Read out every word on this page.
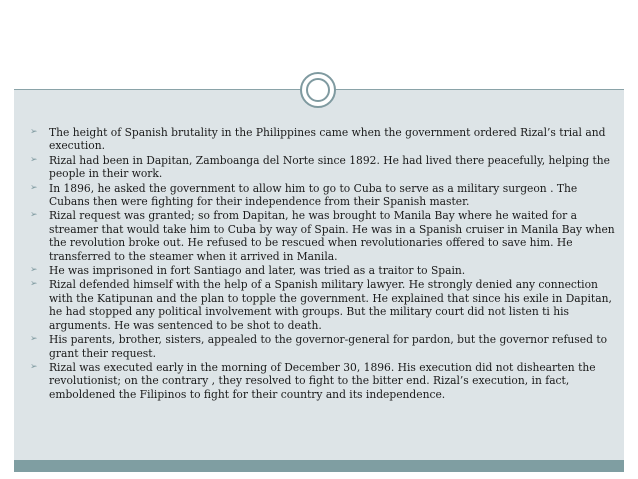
➢ The height of Spanish brutality in the Philippines came when the government ordered Rizal’s trial and execution.
➢ Rizal had been in Dapitan, Zamboanga del Norte since 1892. He had lived there peacefully, helping the people in their work.
➢ In 1896, he asked the government to allow him to go to Cuba to serve as a military surgeon . The Cubans then were fighting for their independence from their Spanish master.
➢ Rizal request was granted; so from Dapitan, he was brought to Manila Bay where he waited for a streamer that would take him to Cuba by way of Spain. He was in a Spanish cruiser in Manila Bay when the revolution broke out. He refused to be rescued when revolutionaries offered to save him. He transferred to the steamer when it arrived in Manila.
➢ He was imprisoned in fort Santiago and later, was tried as a traitor to Spain.
➢ Rizal defended himself with the help of a Spanish military lawyer. He strongly denied any connection with the Katipunan and the plan to topple the government. He explained that since his exile in Dapitan, he had stopped any political involvement with groups. But the military court did not listen ti his arguments. He was sentenced to be shot to death.
➢ His parents, brother, sisters, appealed to the governor-general for pardon, but the governor refused to grant their request.
➢ Rizal was executed early in the morning of December 30, 1896. His execution did not dishearten the revolutionist; on the contrary , they resolved to fight to the bitter end. Rizal’s execution, in fact, emboldened the Filipinos to fight for their country and its independence.
